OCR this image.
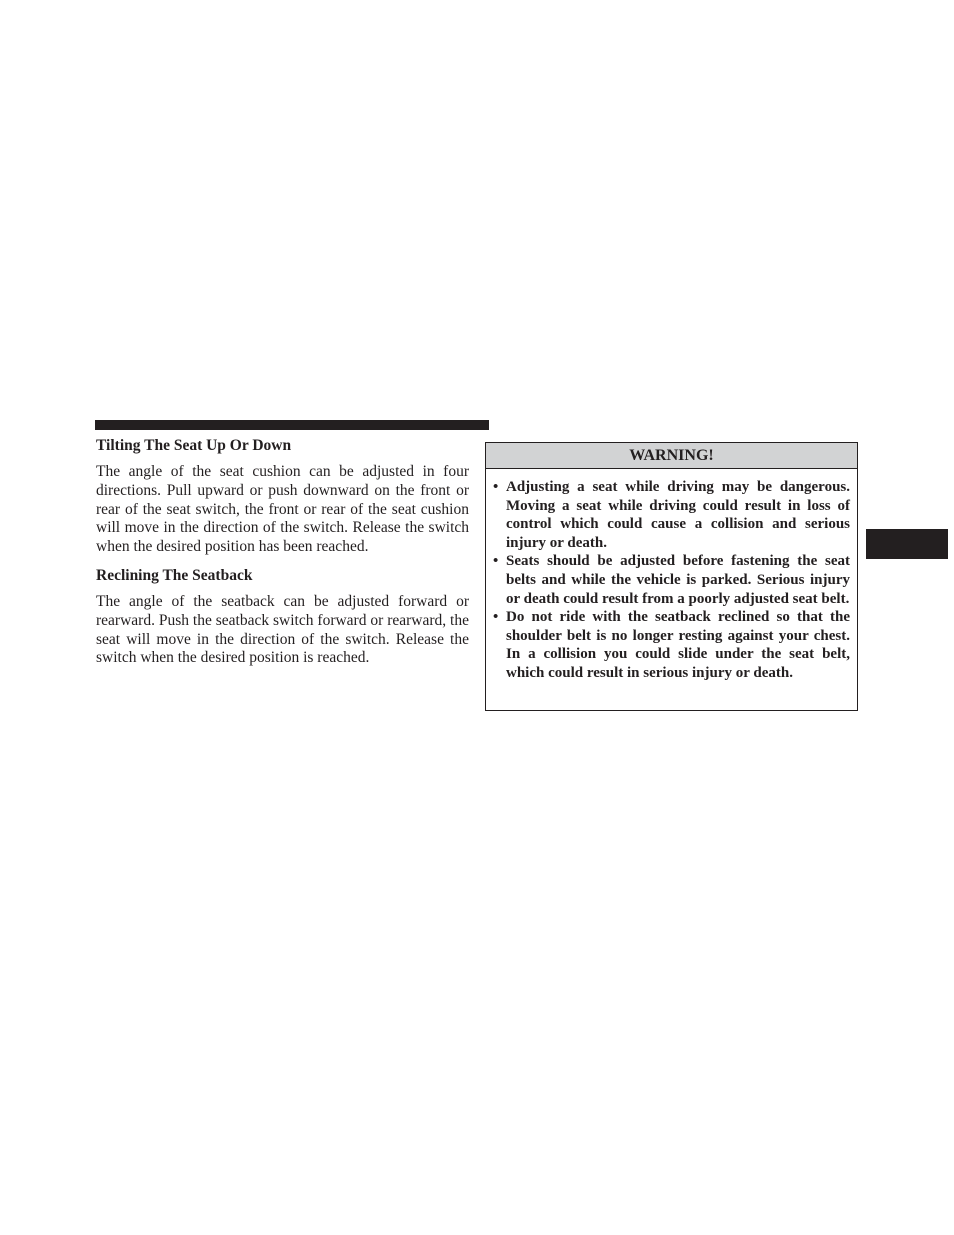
Tilting The Seat Up Or Down

The angle of the seat cushion can be adjusted in four directions. Pull upward or push downward on the front or rear of the seat switch, the front or rear of the seat cushion will move in the direction of the switch. Release the switch when the desired position has been reached.

Reclining The Seatback

The angle of the seatback can be adjusted forward or rearward. Push the seatback switch forward or rearward, the seat will move in the direction of the switch. Release the switch when the desired position is reached.

WARNING!
• Adjusting a seat while driving may be dangerous. Moving a seat while driving could result in loss of control which could cause a collision and serious injury or death.
• Seats should be adjusted before fastening the seat belts and while the vehicle is parked. Serious injury or death could result from a poorly adjusted seat belt.
• Do not ride with the seatback reclined so that the shoulder belt is no longer resting against your chest. In a collision you could slide under the seat belt, which could result in serious injury or death.
